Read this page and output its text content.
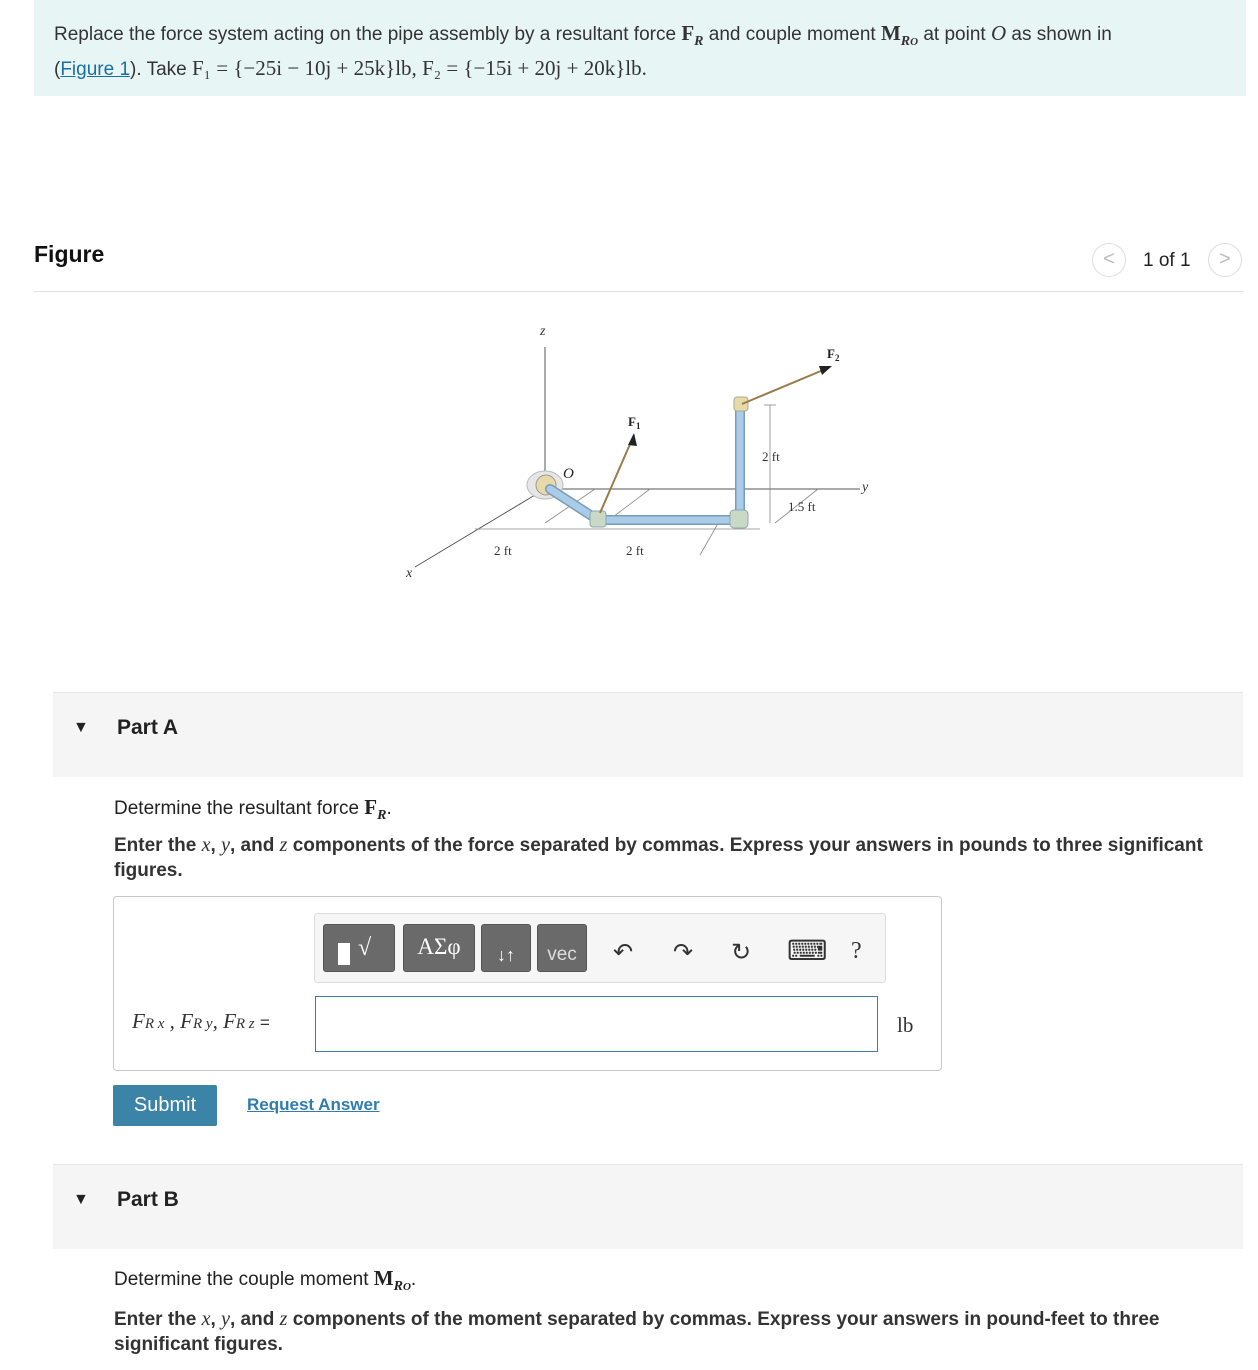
Replace the force system acting on the pipe assembly by a resultant force $F_R$ and couple moment $M_{RO}$ at point O as shown in
(Figure 1). Take F₁ = {−25i − 10j + 25k}lb, F₂ = {−15i + 20j + 20k}lb.
Figure	<	1 of 1	>
z
y
x
2 ft	2 ft
O
$F_1$
$F_2$
2 ft
1.5 ft
▼ Part A
Determine the resultant force $F_R$.
Enter the x, y, and z components of the force separated by commas. Express your answers in pounds to three significant figures.
√	ΑΣφ	↓↑	vec	↶ ↷ ↻ ⌨ ?
FR x , FR y, FR z =	lb
Submit	Request Answer
▼ Part B
Determine the couple moment $M_{RO}$.
Enter the x, y, and z components of the moment separated by commas. Express your answers in pound-feet to three significant figures.
